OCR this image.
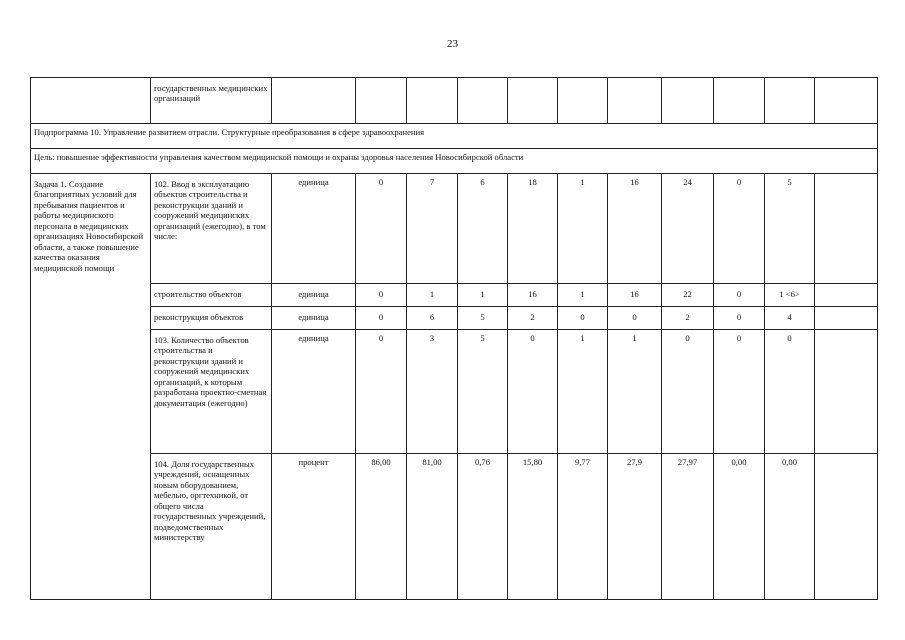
23
	государственных медицинских организаций											
Подпрограмма 10. Управление развитием отрасли. Структурные преобразования в сфере здравоохранения												
Цель: повышение эффективности управления качеством медицинской помощи и охраны здоровья населения Новосибирской области												
Задача 1. Создание благоприятных условий для пребывания пациентов и работы медицинского персонала в медицинских организациях Новосибирской области, а также повышение качества оказания медицинской помощи	102. Ввод в эксплуатацию объектов строительства и реконструкции зданий и сооружений медицинских организаций (ежегодно), в том числе:	единица	0	7	6	18	1	16	24	0	5	
	строительство объектов	единица	0	1	1	16	1	16	22	0	1 <6>	
	реконструкция объектов	единица	0	6	5	2	0	0	2	0	4	
	103. Количество объектов строительства и реконструкции зданий и сооружений медицинских организаций, к которым разработана проектно-сметная документация (ежегодно)	единица	0	3	5	0	1	1	0	0	0	
	104. Доля государственных учреждений, оснащенных новым оборудованием, мебелью, оргтехникой, от общего числа государственных учреждений, подведомственных министерству	процент	86,00	81,00	0,76	15,80	9,77	27,9	27,97	0,00	0,00	
